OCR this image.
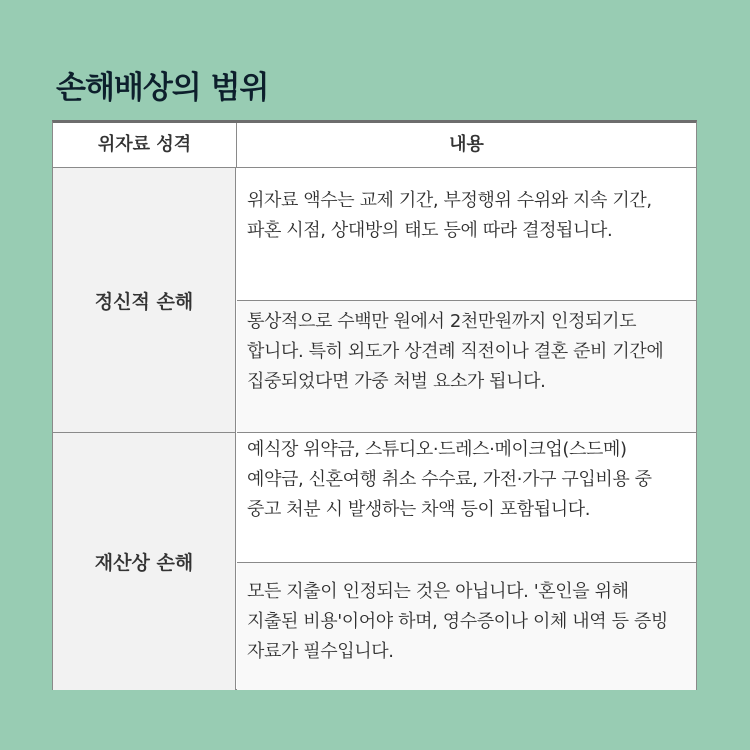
손해배상의 범위
위자료 성격	내용
정신적 손해
위자료 액수는 교제 기간, 부정행위 수위와 지속 기간, 파혼 시점, 상대방의 태도 등에 따라 결정됩니다.
통상적으로 수백만 원에서 2천만원까지 인정되기도 합니다. 특히 외도가 상견례 직전이나 결혼 준비 기간에 집중되었다면 가중 처벌 요소가 됩니다.
재산상 손해
예식장 위약금, 스튜디오·드레스·메이크업(스드메) 예약금, 신혼여행 취소 수수료, 가전·가구 구입비용 중 중고 처분 시 발생하는 차액 등이 포함됩니다.
모든 지출이 인정되는 것은 아닙니다. '혼인을 위해 지출된 비용'이어야 하며, 영수증이나 이체 내역 등 증빙 자료가 필수입니다.
